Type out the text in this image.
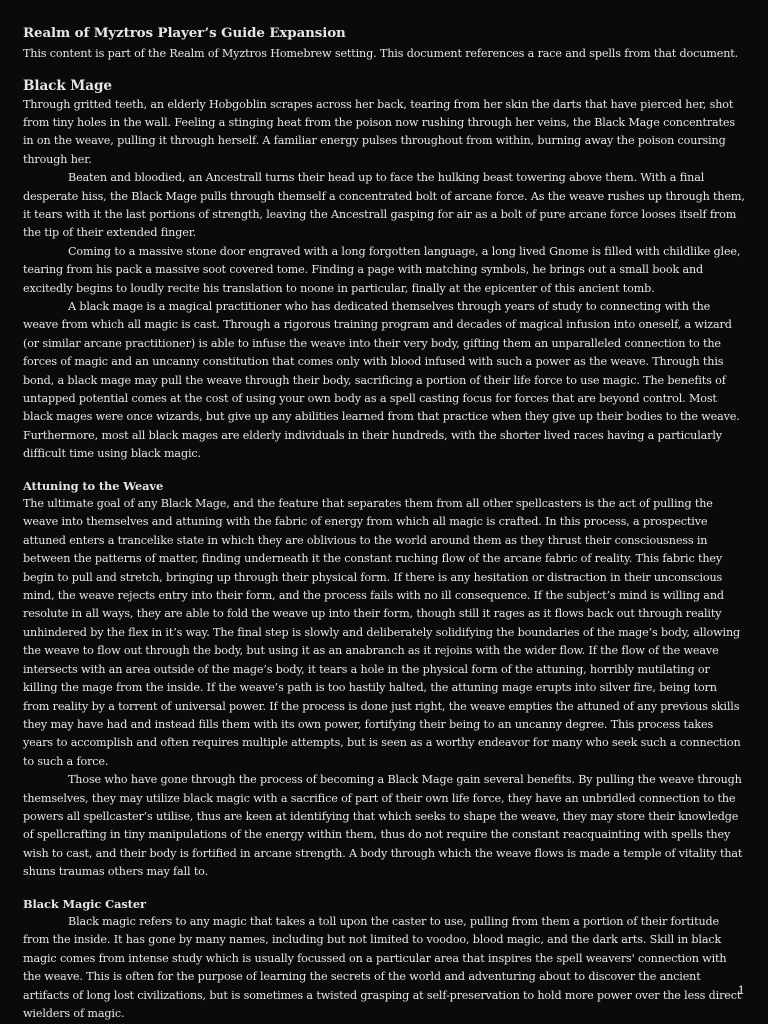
Realm of Myztros Player’s Guide Expansion

This content is part of the Realm of Myztros Homebrew setting. This document references a race and spells from that document.

Black Mage

Through gritted teeth, an elderly Hobgoblin scrapes across her back, tearing from her skin the darts that have pierced her, shot from tiny holes in the wall. Feeling a stinging heat from the poison now rushing through her veins, the Black Mage concentrates in on the weave, pulling it through herself. A familiar energy pulses throughout from within, burning away the poison coursing through her.

Beaten and bloodied, an Ancestrall turns their head up to face the hulking beast towering above them. With a final desperate hiss, the Black Mage pulls through themself a concentrated bolt of arcane force. As the weave rushes up through them, it tears with it the last portions of strength, leaving the Ancestrall gasping for air as a bolt of pure arcane force looses itself from the tip of their extended finger.

Coming to a massive stone door engraved with a long forgotten language, a long lived Gnome is filled with childlike glee, tearing from his pack a massive soot covered tome. Finding a page with matching symbols, he brings out a small book and excitedly begins to loudly recite his translation to noone in particular, finally at the epicenter of this ancient tomb.

A black mage is a magical practitioner who has dedicated themselves through years of study to connecting with the weave from which all magic is cast. Through a rigorous training program and decades of magical infusion into oneself, a wizard (or similar arcane practitioner) is able to infuse the weave into their very body, gifting them an unparalleled connection to the forces of magic and an uncanny constitution that comes only with blood infused with such a power as the weave. Through this bond, a black mage may pull the weave through their body, sacrificing a portion of their life force to use magic. The benefits of untapped potential comes at the cost of using your own body as a spell casting focus for forces that are beyond control. Most black mages were once wizards, but give up any abilities learned from that practice when they give up their bodies to the weave. Furthermore, most all black mages are elderly individuals in their hundreds, with the shorter lived races having a particularly difficult time using black magic.

Attuning to the Weave

The ultimate goal of any Black Mage, and the feature that separates them from all other spellcasters is the act of pulling the weave into themselves and attuning with the fabric of energy from which all magic is crafted. In this process, a prospective attuned enters a trancelike state in which they are oblivious to the world around them as they thrust their consciousness in between the patterns of matter, finding underneath it the constant ruching flow of the arcane fabric of reality. This fabric they begin to pull and stretch, bringing up through their physical form. If there is any hesitation or distraction in their unconscious mind, the weave rejects entry into their form, and the process fails with no ill consequence. If the subject’s mind is willing and resolute in all ways, they are able to fold the weave up into their form, though still it rages as it flows back out through reality unhindered by the flex in it’s way. The final step is slowly and deliberately solidifying the boundaries of the mage’s body, allowing the weave to flow out through the body, but using it as an anabranch as it rejoins with the wider flow. If the flow of the weave intersects with an area outside of the mage’s body, it tears a hole in the physical form of the attuning, horribly mutilating or killing the mage from the inside. If the weave’s path is too hastily halted, the attuning mage erupts into silver fire, being torn from reality by a torrent of universal power. If the process is done just right, the weave empties the attuned of any previous skills they may have had and instead fills them with its own power, fortifying their being to an uncanny degree. This process takes years to accomplish and often requires multiple attempts, but is seen as a worthy endeavor for many who seek such a connection to such a force.

Those who have gone through the process of becoming a Black Mage gain several benefits. By pulling the weave through themselves, they may utilize black magic with a sacrifice of part of their own life force, they have an unbridled connection to the powers all spellcaster’s utilise, thus are keen at identifying that which seeks to shape the weave, they may store their knowledge of spellcrafting in tiny manipulations of the energy within them, thus do not require the constant reacquainting with spells they wish to cast, and their body is fortified in arcane strength. A body through which the weave flows is made a temple of vitality that shuns traumas others may fall to.

Black Magic Caster

Black magic refers to any magic that takes a toll upon the caster to use, pulling from them a portion of their fortitude from the inside. It has gone by many names, including but not limited to voodoo, blood magic, and the dark arts. Skill in black magic comes from intense study which is usually focussed on a particular area that inspires the spell weavers' connection with the weave. This is often for the purpose of learning the secrets of the world and adventuring about to discover the ancient artifacts of long lost civilizations, but is sometimes a twisted grasping at self-preservation to hold more power over the less direct wielders of magic.

1
